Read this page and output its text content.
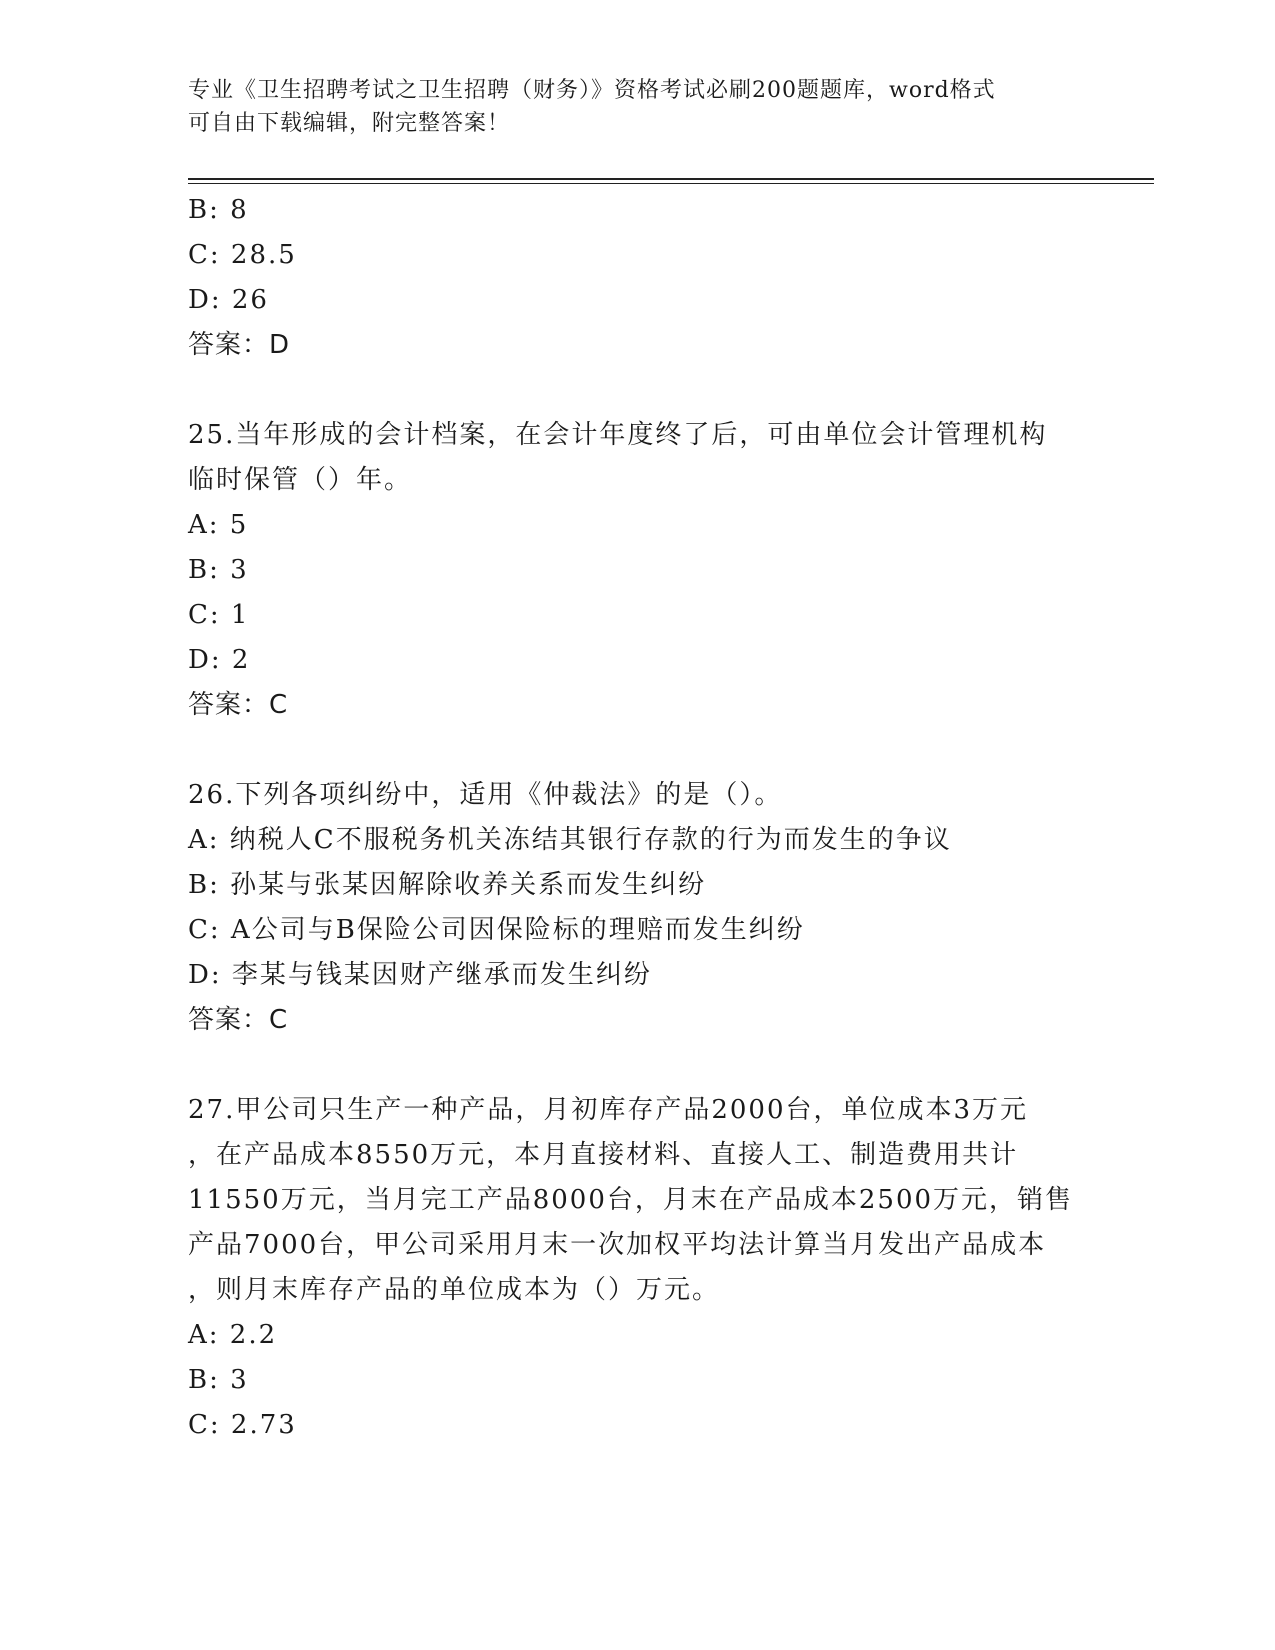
专业《卫生招聘考试之卫生招聘（财务）》资格考试必刷200题题库，word格式
可自由下载编辑，附完整答案！
B: 8
C: 28.5
D: 26
答案：D
25.当年形成的会计档案，在会计年度终了后，可由单位会计管理机构
临时保管（）年。
A: 5
B: 3
C: 1
D: 2
答案：C
26.下列各项纠纷中，适用《仲裁法》的是（）。
A: 纳税人C不服税务机关冻结其银行存款的行为而发生的争议
B: 孙某与张某因解除收养关系而发生纠纷
C: A公司与B保险公司因保险标的理赔而发生纠纷
D: 李某与钱某因财产继承而发生纠纷
答案：C
27.甲公司只生产一种产品，月初库存产品2000台，单位成本3万元
，在产品成本8550万元，本月直接材料、直接人工、制造费用共计
11550万元，当月完工产品8000台，月末在产品成本2500万元，销售
产品7000台，甲公司采用月末一次加权平均法计算当月发出产品成本
，则月末库存产品的单位成本为（）万元。
A: 2.2
B: 3
C: 2.73
